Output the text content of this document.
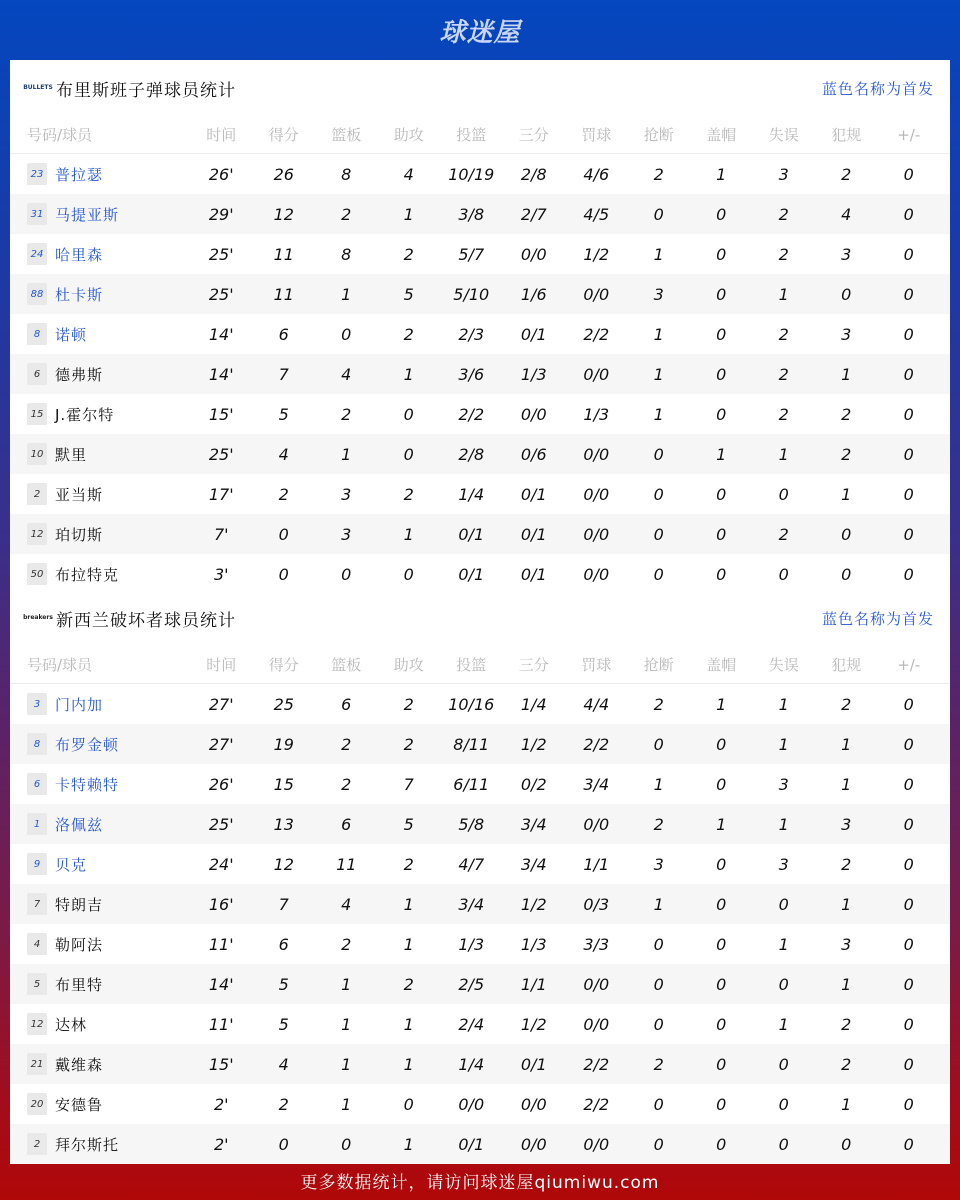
球迷屋
BULLETS 布里斯班子弹球员统计	蓝色名称为首发
号码/球员	时间	得分	篮板	助攻	投篮	三分	罚球	抢断	盖帽	失误	犯规	+/-
23 普拉瑟	26'	26	8	4	10/19	2/8	4/6	2	1	3	2	0
31 马提亚斯	29'	12	2	1	3/8	2/7	4/5	0	0	2	4	0
24 哈里森	25'	11	8	2	5/7	0/0	1/2	1	0	2	3	0
88 杜卡斯	25'	11	1	5	5/10	1/6	0/0	3	0	1	0	0
8 诺顿	14'	6	0	2	2/3	0/1	2/2	1	0	2	3	0
6 德弗斯	14'	7	4	1	3/6	1/3	0/0	1	0	2	1	0
15 J.霍尔特	15'	5	2	0	2/2	0/0	1/3	1	0	2	2	0
10 默里	25'	4	1	0	2/8	0/6	0/0	0	1	1	2	0
2 亚当斯	17'	2	3	2	1/4	0/1	0/0	0	0	0	1	0
12 珀切斯	7'	0	3	1	0/1	0/1	0/0	0	0	2	0	0
50 布拉特克	3'	0	0	0	0/1	0/1	0/0	0	0	0	0	0
breakers 新西兰破坏者球员统计	蓝色名称为首发
号码/球员	时间	得分	篮板	助攻	投篮	三分	罚球	抢断	盖帽	失误	犯规	+/-
3 门内加	27'	25	6	2	10/16	1/4	4/4	2	1	1	2	0
8 布罗金顿	27'	19	2	2	8/11	1/2	2/2	0	0	1	1	0
6 卡特赖特	26'	15	2	7	6/11	0/2	3/4	1	0	3	1	0
1 洛佩兹	25'	13	6	5	5/8	3/4	0/0	2	1	1	3	0
9 贝克	24'	12	11	2	4/7	3/4	1/1	3	0	3	2	0
7 特朗吉	16'	7	4	1	3/4	1/2	0/3	1	0	0	1	0
4 勒阿法	11'	6	2	1	1/3	1/3	3/3	0	0	1	3	0
5 布里特	14'	5	1	2	2/5	1/1	0/0	0	0	0	1	0
12 达林	11'	5	1	1	2/4	1/2	0/0	0	0	1	2	0
21 戴维森	15'	4	1	1	1/4	0/1	2/2	2	0	0	2	0
20 安德鲁	2'	2	1	0	0/0	0/0	2/2	0	0	0	1	0
2 拜尔斯托	2'	0	0	1	0/1	0/0	0/0	0	0	0	0	0
更多数据统计，请访问球迷屋qiumiwu.com
